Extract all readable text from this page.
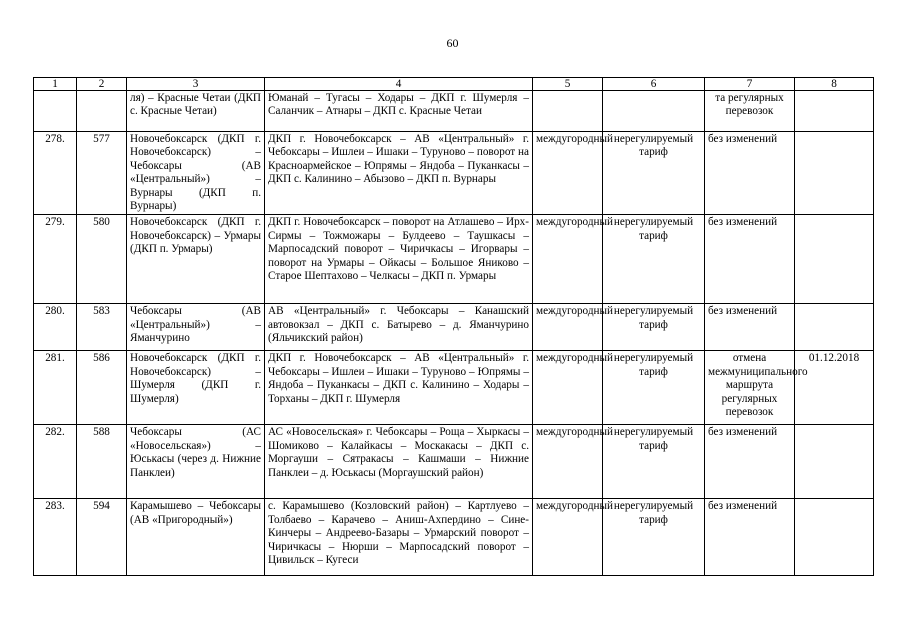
60
1	2	3	4	5	6	7	8
		ля) – Красные Четаи (ДКП с. Красные Четаи)	Юманай – Тугасы – Ходары – ДКП г. Шумерля – Саланчик – Атнары – ДКП с. Красные Четаи			та регулярных перевозок	
278.	577	Новочебоксарск (ДКП г. Новочебоксарск) – Чебоксары (АВ «Центральный») – Вурнары (ДКП п. Вурнары)	ДКП г. Новочебоксарск – АВ «Центральный» г. Чебоксары – Ишлеи – Ишаки – Туруново – поворот на Красноармейское – Юпрямы – Яндоба – Пуканкасы – ДКП с. Калинино – Абызово – ДКП п. Вурнары	междугородный	нерегулируемый тариф	без изменений	
279.	580	Новочебоксарск (ДКП г. Новочебоксарск) – Урмары (ДКП п. Урмары)	ДКП г. Новочебоксарск – поворот на Атлашево – Ирх-Сирмы – Тожможары – Булдеево – Таушкасы – Марпосадский поворот – Чиричкасы – Игорвары – поворот на Урмары – Ойкасы – Большое Яниково – Старое Шептахово – Челкасы – ДКП п. Урмары	междугородный	нерегулируемый тариф	без изменений	
280.	583	Чебоксары (АВ «Центральный») – Яманчурино	АВ «Центральный» г. Чебоксары – Канашский автовокзал – ДКП с. Батырево – д. Яманчурино (Яльчикский район)	междугородный	нерегулируемый тариф	без изменений	
281.	586	Новочебоксарск (ДКП г. Новочебоксарск) – Шумерля (ДКП г. Шумерля)	ДКП г. Новочебоксарск – АВ «Центральный» г. Чебоксары – Ишлеи – Ишаки – Туруново – Юпрямы – Яндоба – Пуканкасы – ДКП с. Калинино – Ходары – Торханы – ДКП г. Шумерля	междугородный	нерегулируемый тариф	отмена межмуниципального маршрута регулярных перевозок	01.12.2018
282.	588	Чебоксары (АС «Новосельская») – Юськасы (через д. Нижние Панклеи)	АС «Новосельская» г. Чебоксары – Роща – Хыркасы – Шомиково – Калайкасы – Москакасы – ДКП с. Моргауши – Сятракасы – Кашмаши – Нижние Панклеи – д. Юськасы (Моргаушский район)	междугородный	нерегулируемый тариф	без изменений	
283.	594	Карамышево – Чебоксары (АВ «Пригородный»)	с. Карамышево (Козловский район) – Картлуево – Толбаево – Карачево – Аниш-Ахпердино – Сине-Кинчеры – Андреево-Базары – Урмарский поворот – Чиричкасы – Нюрши – Марпосадский поворот – Цивильск – Кугеси	междугородный	нерегулируемый тариф	без изменений	
